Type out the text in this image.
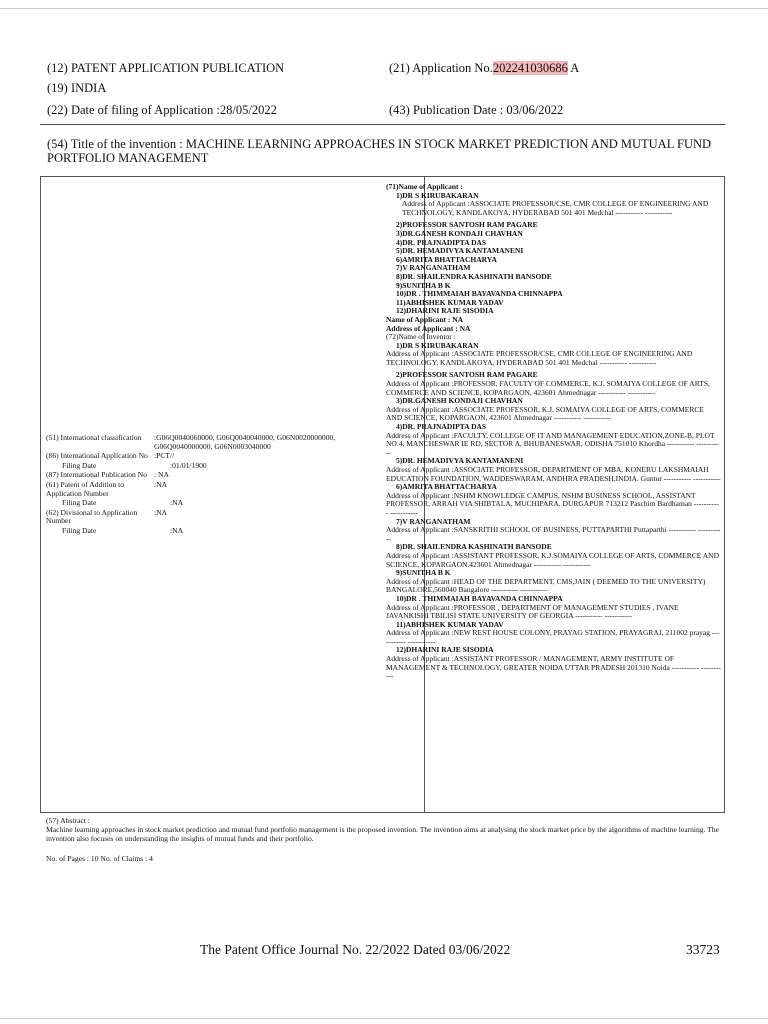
(12) PATENT APPLICATION PUBLICATION
(19) INDIA
(22) Date of filing of Application :28/05/2022
(21) Application No.202241030686 A
(43) Publication Date : 03/06/2022
(54) Title of the invention : MACHINE LEARNING APPROACHES IN STOCK MARKET PREDICTION AND MUTUAL FUND PORTFOLIO MANAGEMENT
(51) International classification	:G06Q0040060000, G06Q0040040000, G06N0020000000, G06Q0040000000, G06N0003040000
(86) International Application No :PCT//
Filing Date	:01/01/1900
(87) International Publication No : NA
(61) Patent of Addition to Application Number
:NA
Filing Date	:NA
(62) Divisional to Application Number
:NA
Filing Date	:NA
(71)Name of Applicant :
1)DR S KIRUBAKARAN
Address of Applicant :ASSOCIATE PROFESSOR/CSE, CMR COLLEGE OF ENGINEERING AND TECHNOLOGY, KANDLAKOYA, HYDERABAD 501 401 Medchal ----------- -----------
2)PROFESSOR SANTOSH RAM PAGARE
3)DR.GANESH KONDAJI CHAVHAN
4)DR. PRAJNADIPTA DAS
5)DR. HEMADIVYA KANTAMANENI
6)AMRITA BHATTACHARYA
7)V RANGANATHAM
8)DR. SHAILENDRA KASHINATH BANSODE
9)SUNITHA B K
10)DR . THIMMAIAH BAYAVANDA CHINNAPPA
11)ABHISHEK KUMAR YADAV
12)DHARINI RAJE SISODIA
Name of Applicant : NA
Address of Applicant : NA
(72)Name of Inventor :
1)DR S KIRUBAKARAN
Address of Applicant :ASSOCIATE PROFESSOR/CSE, CMR COLLEGE OF ENGINEERING AND TECHNOLOGY, KANDLAKOYA, HYDERABAD 501 401 Medchal ----------- -----------
2)PROFESSOR SANTOSH RAM PAGARE
Address of Applicant :PROFESSOR, FACULTY OF COMMERCE, K.J. SOMAIYA COLLEGE OF ARTS, COMMERCE AND SCIENCE, KOPARGAON, 423601 Ahmednagar ----------- -----------
3)DR.GANESH KONDAJI CHAVHAN
Address of Applicant :ASSOCIATE PROFESSOR, K.J. SOMAIYA COLLEGE OF ARTS, COMMERCE AND SCIENCE, KOPARGAON, 423601 Ahmednagar ----------- -----------
4)DR. PRAJNADIPTA DAS
Address of Applicant :FACULTY, COLLEGE OF IT AND MANAGEMENT EDUCATION,ZONE-B, PLOT NO.4, MANCHESWAR IE RD, SECTOR A, BHUBANESWAR, ODISHA 751010 Khordha ----------- -----------
5)DR. HEMADIVYA KANTAMANENI
Address of Applicant :ASSOCIATE PROFESSOR, DEPARTMENT OF MBA, KONERU LAKSHMAIAH EDUCATION FOUNDATION, WADDESWARAM, ANDHRA PRADESH,INDIA. Guntur ----------- -----------
6)AMRITA BHATTACHARYA
Address of Applicant :NSHM KNOWLEDGE CAMPUS, NSHM BUSINESS SCHOOL, ASSISTANT PROFESSOR, ARRAH VIA SHIBTALA, MUCHIPARA, DURGAPUR 713212 Paschim Bardhaman ----------- -----------
7)V RANGANATHAM
Address of Applicant :SANSKRITHI SCHOOL OF BUSINESS, PUTTAPARTHI Puttaparthi ----------- -----------
8)DR. SHAILENDRA KASHINATH BANSODE
Address of Applicant :ASSISTANT PROFESSOR, K.J.SOMAIYA COLLEGE OF ARTS, COMMERCE AND SCIENCE, KOPARGAON.423601 Ahmednagar ----------- -----------
9)SUNITHA B K
Address of Applicant :HEAD OF THE DEPARTMENT, CMS,JAIN ( DEEMED TO THE UNIVERSITY) BANGALORE,560040 Bangalore ----------- -----------
10)DR . THIMMAIAH BAYAVANDA CHINNAPPA
Address of Applicant :PROFESSOR , DEPARTMENT OF MANAGEMENT STUDIES , IVANE JAVANKISHI TBILISI STATE UNIVERSITY OF GEORGIA ----------- -----------
11)ABHISHEK KUMAR YADAV
Address of Applicant :NEW REST HOUSE COLONY, PRAYAG STATION, PRAYAGRAJ, 211002 prayag ----------- -----------
12)DHARINI RAJE SISODIA
Address of Applicant :ASSISTANT PROFESSOR / MANAGEMENT, ARMY INSTITUTE OF MANAGEMENT & TECHNOLOGY, GREATER NOIDA UTTAR PRADESH 201310 Noida ----------- -----------
(57) Abstract :
Machine learning approaches in stock market prediction and mutual fund portfolio management is the proposed invention. The invention aims at analysing the stock market price by the algorithms of machine learning. The invention also focuses on understanding the insights of mutual funds and their portfolio.
No. of Pages : 10 No. of Claims : 4
The Patent Office Journal No. 22/2022 Dated 03/06/2022	33723
